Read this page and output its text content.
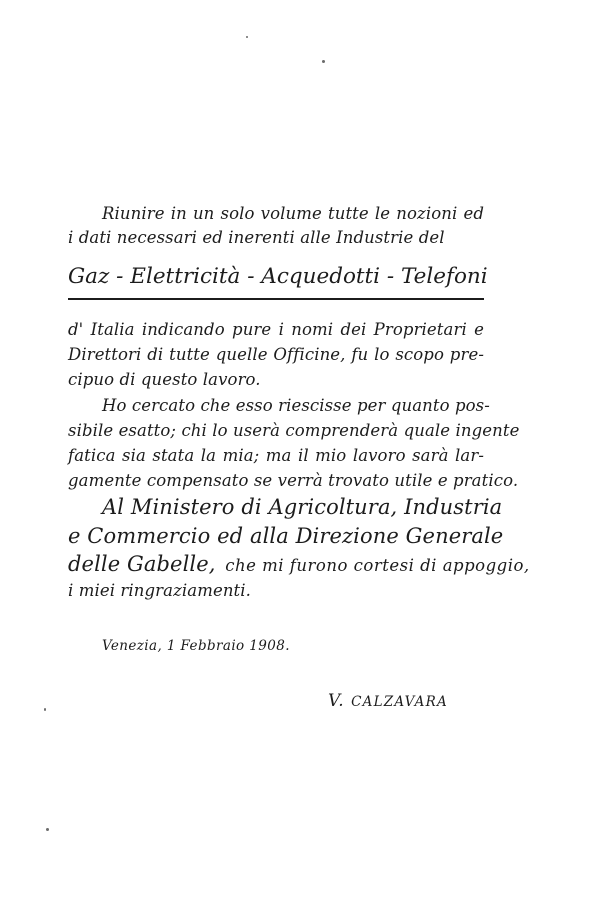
Riunire in un solo volume tutte le nozioni ed
i dati necessari ed inerenti alle Industrie del
Gaz - Elettricità - Acquedotti - Telefoni
d' Italia indicando pure i nomi dei Proprietari e
Direttori di tutte quelle Officine, fu lo scopo pre-
cipuo di questo lavoro.
Ho cercato che esso riescisse per quanto pos-
sibile esatto; chi lo userà comprenderà quale ingente
fatica sia stata la mia; ma il mio lavoro sarà lar-
gamente compensato se verrà trovato utile e pratico.
Al Ministero di Agricoltura, Industria
e Commercio ed alla Direzione Generale
delle Gabelle, che mi furono cortesi di appoggio,
i miei ringraziamenti.
Venezia, 1 Febbraio 1908.
V. CALZAVARA
